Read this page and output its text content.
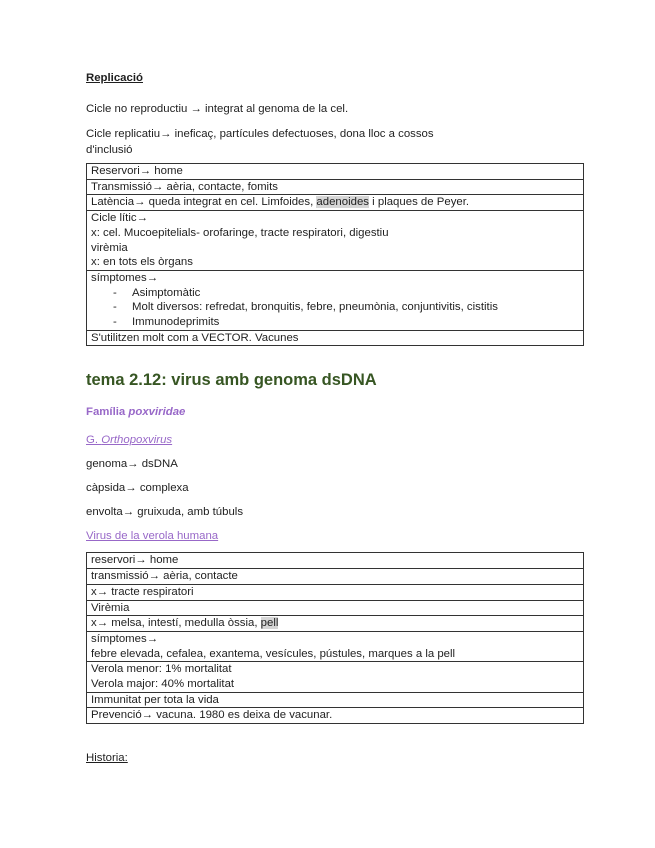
Replicació
Cicle no reproductiu → integrat al genoma de la cel.
Cicle replicatiu→ ineficaç, partícules defectuoses, dona lloc a cossos
d'inclusió
Reservori→ home
Transmissió→ aèria, contacte, fomits
Latència→ queda integrat en cel. Limfoides, adenoides i plaques de Peyer.
Cicle lític→
x: cel. Mucoepitelials- orofaringe, tracte respiratori, digestiu
virèmia
x: en tots els òrgans
símptomes→
- Asimptomàtic
- Molt diversos: refredat, bronquitis, febre, pneumònia, conjuntivitis, cistitis
- Immunodeprimits

S'utilitzen molt com a VECTOR. Vacunes
tema 2.12: virus amb genoma dsDNA
Família poxviridae
G. Orthopoxvirus
genoma→ dsDNA
càpsida→ complexa
envolta→ gruixuda, amb túbuls
Virus de la verola humana
reservori→ home
transmissió→ aèria, contacte
x→ tracte respiratori
Virèmia
x→ melsa, intestí, medulla òssia, pell
símptomes→
febre elevada, cefalea, exantema, vesícules, pústules, marques a la pell
Verola menor: 1% mortalitat
Verola major: 40% mortalitat
Immunitat per tota la vida
Prevenció→ vacuna. 1980 es deixa de vacunar.
Historia:
